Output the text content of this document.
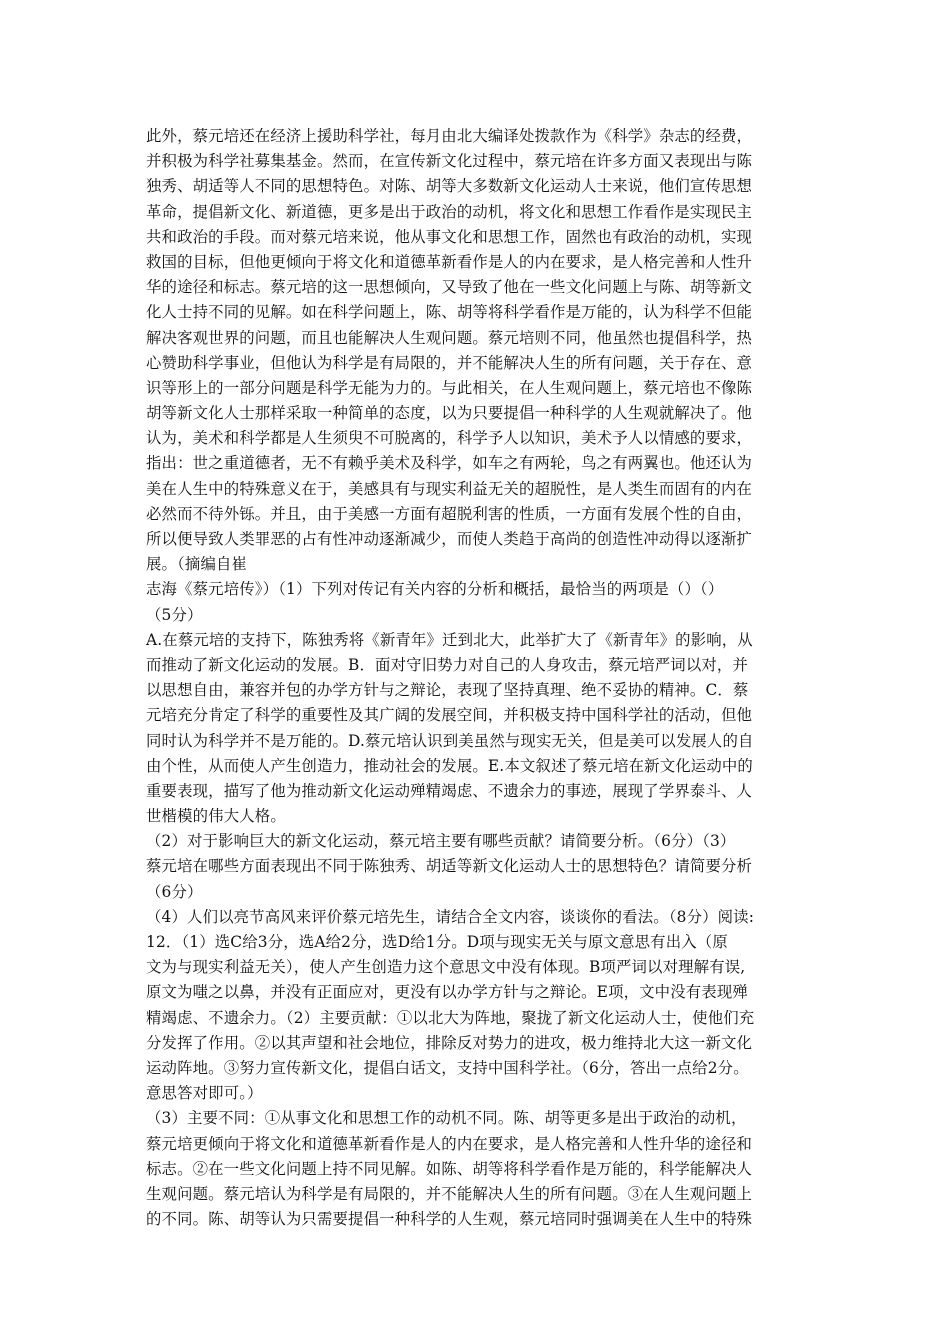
此外，蔡元培还在经济上援助科学社，每月由北大编译处拨款作为《科学》杂志的经费，
并积极为科学社募集基金。然而，在宣传新文化过程中，蔡元培在许多方面又表现出与陈
独秀、胡适等人不同的思想特色。对陈、胡等大多数新文化运动人士来说，他们宣传思想
革命，提倡新文化、新道德，更多是出于政治的动机，将文化和思想工作看作是实现民主
共和政治的手段。而对蔡元培来说，他从事文化和思想工作，固然也有政治的动机，实现
救国的目标，但他更倾向于将文化和道德革新看作是人的内在要求，是人格完善和人性升
华的途径和标志。蔡元培的这一思想倾向，又导致了他在一些文化问题上与陈、胡等新文
化人士持不同的见解。如在科学问题上，陈、胡等将科学看作是万能的，认为科学不但能
解决客观世界的问题，而且也能解决人生观问题。蔡元培则不同，他虽然也提倡科学，热
心赞助科学事业，但他认为科学是有局限的，并不能解决人生的所有问题，关于存在、意
识等形上的一部分问题是科学无能为力的。与此相关，在人生观问题上，蔡元培也不像陈
胡等新文化人士那样采取一种简单的态度，以为只要提倡一种科学的人生观就解决了。他
认为，美术和科学都是人生须臾不可脱离的，科学予人以知识，美术予人以情感的要求，
指出：世之重道德者，无不有赖乎美术及科学，如车之有两轮，鸟之有两翼也。他还认为
美在人生中的特殊意义在于，美感具有与现实利益无关的超脱性，是人类生而固有的内在
必然而不待外铄。并且，由于美感一方面有超脱利害的性质，一方面有发展个性的自由，
所以便导致人类罪恶的占有性冲动逐渐减少，而使人类趋于高尚的创造性冲动得以逐渐扩
展。（摘编自崔
志海《蔡元培传》）（1）下列对传记有关内容的分析和概括，最恰当的两项是（）（）
（5分）
A.在蔡元培的支持下，陈独秀将《新青年》迁到北大，此举扩大了《新青年》的影响，从
而推动了新文化运动的发展。B．面对守旧势力对自己的人身攻击，蔡元培严词以对，并
以思想自由，兼容并包的办学方针与之辩论，表现了坚持真理、绝不妥协的精神。C．蔡
元培充分肯定了科学的重要性及其广阔的发展空间，并积极支持中国科学社的活动，但他
同时认为科学并不是万能的。D.蔡元培认识到美虽然与现实无关，但是美可以发展人的自
由个性，从而使人产生创造力，推动社会的发展。E.本文叙述了蔡元培在新文化运动中的
重要表现，描写了他为推动新文化运动殚精竭虑、不遗余力的事迹，展现了学界泰斗、人
世楷模的伟大人格。
（2）对于影响巨大的新文化运动，蔡元培主要有哪些贡献？请简要分析。（6分）（3）
蔡元培在哪些方面表现出不同于陈独秀、胡适等新文化运动人士的思想特色？请简要分析
（6分）
（4）人们以亮节高风来评价蔡元培先生，请结合全文内容，谈谈你的看法。（8分）阅读:
12．（1）选C给3分，选A给2分，选D给1分。D项与现实无关与原文意思有出入（原
文为与现实利益无关），使人产生创造力这个意思文中没有体现。B项严词以对理解有误,
原文为嗤之以鼻，并没有正面应对，更没有以办学方针与之辩论。E项，文中没有表现殚
精竭虑、不遗余力。（2）主要贡献：①以北大为阵地，聚拢了新文化运动人士，使他们充
分发挥了作用。②以其声望和社会地位，排除反对势力的进攻，极力维持北大这一新文化
运动阵地。③努力宣传新文化，提倡白话文，支持中国科学社。（6分，答出一点给2分。
意思答对即可。）
（3）主要不同：①从事文化和思想工作的动机不同。陈、胡等更多是出于政治的动机，
蔡元培更倾向于将文化和道德革新看作是人的内在要求，是人格完善和人性升华的途径和
标志。②在一些文化问题上持不同见解。如陈、胡等将科学看作是万能的，科学能解决人
生观问题。蔡元培认为科学是有局限的，并不能解决人生的所有问题。③在人生观问题上
的不同。陈、胡等认为只需要提倡一种科学的人生观，蔡元培同时强调美在人生中的特殊
